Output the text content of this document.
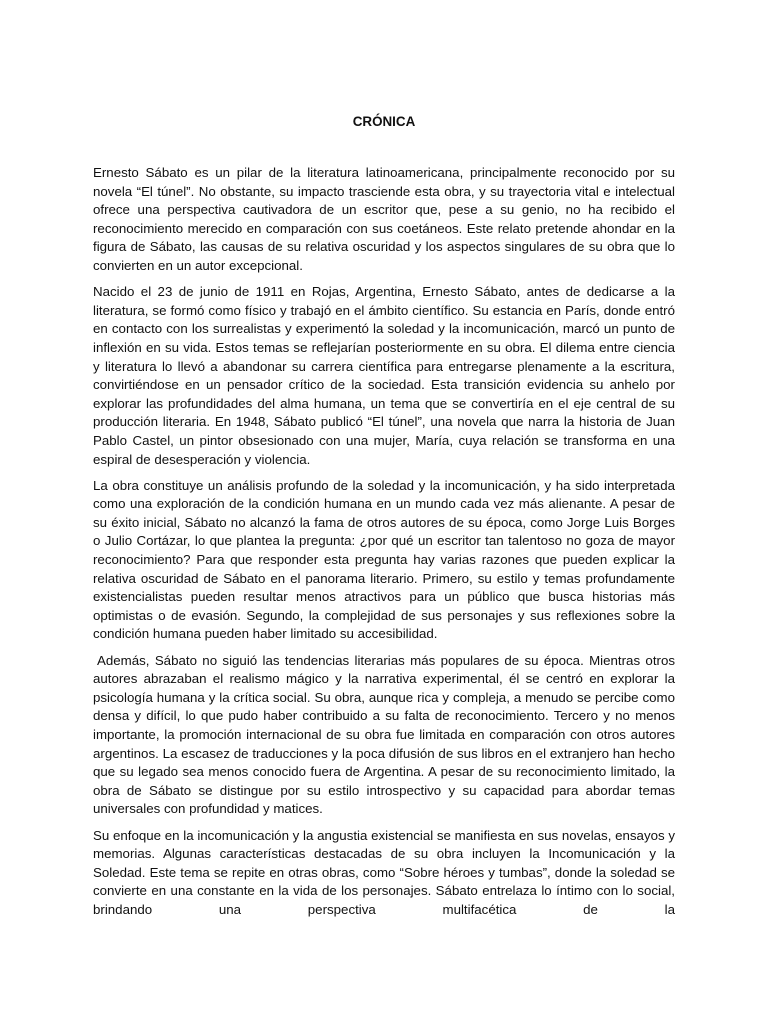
CRÓNICA

Ernesto Sábato es un pilar de la literatura latinoamericana, principalmente reconocido por su novela “El túnel”. No obstante, su impacto trasciende esta obra, y su trayectoria vital e intelectual ofrece una perspectiva cautivadora de un escritor que, pese a su genio, no ha recibido el reconocimiento merecido en comparación con sus coetáneos. Este relato pretende ahondar en la figura de Sábato, las causas de su relativa oscuridad y los aspectos singulares de su obra que lo convierten en un autor excepcional.

Nacido el 23 de junio de 1911 en Rojas, Argentina, Ernesto Sábato, antes de dedicarse a la literatura, se formó como físico y trabajó en el ámbito científico. Su estancia en París, donde entró en contacto con los surrealistas y experimentó la soledad y la incomunicación, marcó un punto de inflexión en su vida. Estos temas se reflejarían posteriormente en su obra. El dilema entre ciencia y literatura lo llevó a abandonar su carrera científica para entregarse plenamente a la escritura, convirtiéndose en un pensador crítico de la sociedad. Esta transición evidencia su anhelo por explorar las profundidades del alma humana, un tema que se convertiría en el eje central de su producción literaria. En 1948, Sábato publicó “El túnel”, una novela que narra la historia de Juan Pablo Castel, un pintor obsesionado con una mujer, María, cuya relación se transforma en una espiral de desesperación y violencia.

La obra constituye un análisis profundo de la soledad y la incomunicación, y ha sido interpretada como una exploración de la condición humana en un mundo cada vez más alienante. A pesar de su éxito inicial, Sábato no alcanzó la fama de otros autores de su época, como Jorge Luis Borges o Julio Cortázar, lo que plantea la pregunta: ¿por qué un escritor tan talentoso no goza de mayor reconocimiento? Para que responder esta pregunta hay varias razones que pueden explicar la relativa oscuridad de Sábato en el panorama literario. Primero, su estilo y temas profundamente existencialistas pueden resultar menos atractivos para un público que busca historias más optimistas o de evasión. Segundo, la complejidad de sus personajes y sus reflexiones sobre la condición humana pueden haber limitado su accesibilidad.

Además, Sábato no siguió las tendencias literarias más populares de su época. Mientras otros autores abrazaban el realismo mágico y la narrativa experimental, él se centró en explorar la psicología humana y la crítica social. Su obra, aunque rica y compleja, a menudo se percibe como densa y difícil, lo que pudo haber contribuido a su falta de reconocimiento. Tercero y no menos importante, la promoción internacional de su obra fue limitada en comparación con otros autores argentinos. La escasez de traducciones y la poca difusión de sus libros en el extranjero han hecho que su legado sea menos conocido fuera de Argentina. A pesar de su reconocimiento limitado, la obra de Sábato se distingue por su estilo introspectivo y su capacidad para abordar temas universales con profundidad y matices.

Su enfoque en la incomunicación y la angustia existencial se manifiesta en sus novelas, ensayos y memorias. Algunas características destacadas de su obra incluyen la Incomunicación y la Soledad. Este tema se repite en otras obras, como “Sobre héroes y tumbas”, donde la soledad se convierte en una constante en la vida de los personajes. Sábato entrelaza lo íntimo con lo social, brindando una perspectiva multifacética de la
